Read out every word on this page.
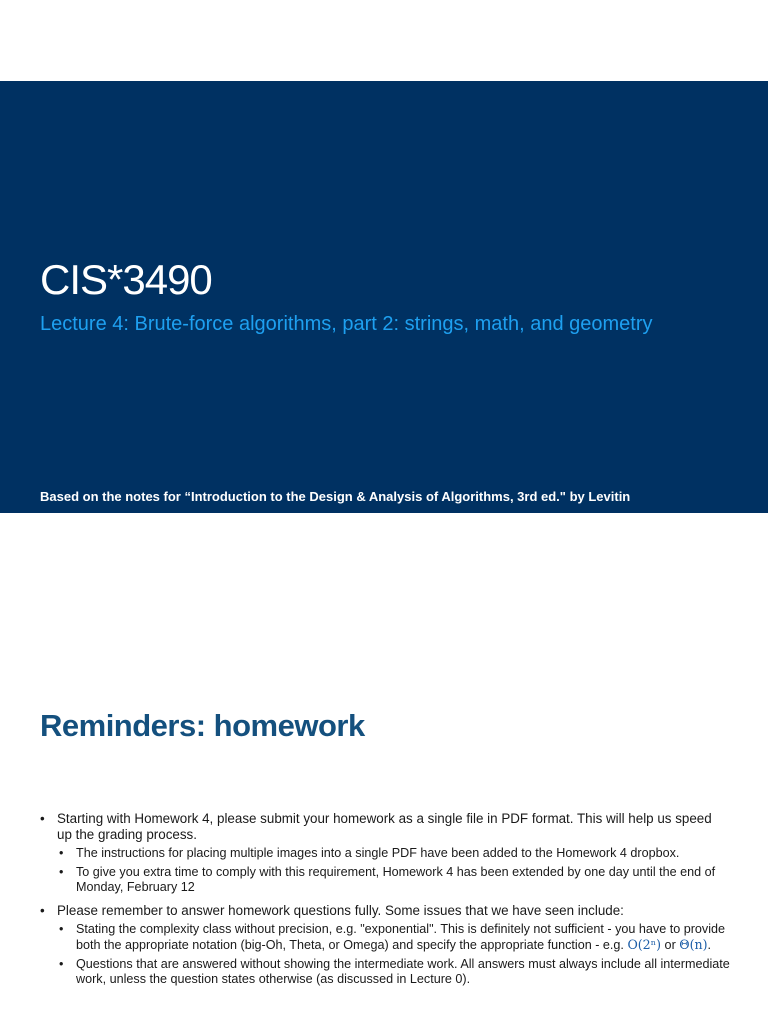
CIS*3490
Lecture 4: Brute-force algorithms, part 2: strings, math, and geometry

Based on the notes for “Introduction to the Design & Analysis of Algorithms, 3rd ed." by Levitin

Reminders: homework
• Starting with Homework 4, please submit your homework as a single file in PDF format. This will help us speed up the grading process.
• The instructions for placing multiple images into a single PDF have been added to the Homework 4 dropbox.
• To give you extra time to comply with this requirement, Homework 4 has been extended by one day until the end of Monday, February 12
• Please remember to answer homework questions fully. Some issues that we have seen include:
• Stating the complexity class without precision, e.g. "exponential". This is definitely not sufficient - you have to provide both the appropriate notation (big-Oh, Theta, or Omega) and specify the appropriate function - e.g. O(2ⁿ) or Θ(n).
• Questions that are answered without showing the intermediate work. All answers must always include all intermediate work, unless the question states otherwise (as discussed in Lecture 0).
